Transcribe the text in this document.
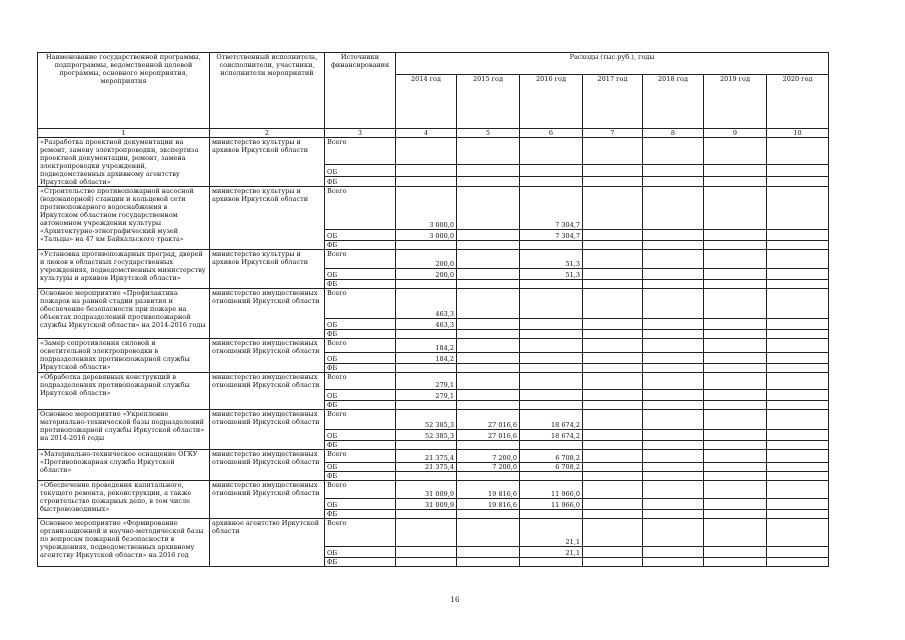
Наименование государственной программы, подпрограммы, ведомственной целевой программы, основного мероприятия, мероприятия	Ответственный исполнитель, соисполнители, участники, исполнители мероприятий	Источники финансирования	Расходы (тыс.руб.), годы						
			2014 год	2015 год	2016 год	2017 год	2018 год	2019 год	2020 год
1	2	3	4	5	6	7	8	9	10
«Разработка проектной документации на ремонт, замену электропроводки, экспертиза проектной документации, ремонт, замена электропроводки учреждений, подведомственных архивному агентству Иркутской области»	министерство культуры и архивов Иркутской области	Всего							
		ОБ							
		ФБ							
«Строительство противопожарной насосной (водонапорной) станции и кольцевой сети противопожарного водоснабжения в Иркутском областном государственном автономном учреждении культуры «Архитектурно-этнографический музей «Тальцы» на 47 км Байкальского тракта»	министерство культуры и архивов Иркутской области	Всего	3 000,0		7 304,7				
		ОБ	3 000,0		7 304,7				
		ФБ							
«Установка противопожарных преград, дверей и люков в областных государственных учреждениях, подведомственных министерству культуры и архивов Иркутской области»	министерство культуры и архивов Иркутской области	Всего	200,0		51,3				
		ОБ	200,0		51,3				
		ФБ							
Основное мероприятие «Профилактика пожаров на ранней стадии развития и обеспечение безопасности при пожаре на объектах подразделений противопожарной службы Иркутской области» на 2014-2016 годы	министерство имущественных отношений Иркутской области	Всего	463,3						
		ОБ	463,3						
		ФБ							
«Замер сопротивления силовой и осветительной электропроводки в подразделениях противопожарной службы Иркутской области»	министерство имущественных отношений Иркутской области	Всего	184,2						
		ОБ	184,2						
		ФБ							
«Обработка деревянных конструкций в подразделениях противопожарной службы Иркутской области»	министерство имущественных отношений Иркутской области	Всего	279,1						
		ОБ	279,1						
		ФБ							
Основное мероприятие «Укрепление материально-технической базы подразделений противопожарной службы Иркутской области» на 2014-2016 годы	министерство имущественных отношений Иркутской области	Всего	52 385,3	27 016,6	18 674,2				
		ОБ	52 385,3	27 016,6	18 674,2				
		ФБ							
«Материально-техническое оснащение ОГКУ «Противопожарная служба Иркутской области»	министерство имущественных отношений Иркутской области	Всего	21 375,4	7 200,0	6 708,2				
		ОБ	21 375,4	7 200,0	6 708,2				
		ФБ							
«Обеспечение проведения капитального, текущего ремонта, реконструкции, а также строительство пожарных депо, в том числе быстровозводимых»	министерство имущественных отношений Иркутской области	Всего	31 009,9	19 816,6	11 966,0				
		ОБ	31 009,9	19 816,6	11 966,0				
		ФБ							
Основное мероприятие «Формирование организационной и научно-методической базы по вопросам пожарной безопасности в учреждениях, подведомственных архивному агентству Иркутской области» на 2016 год	архивное агентство Иркутской области	Всего			21,1				
		ОБ			21,1				
		ФБ							
16
